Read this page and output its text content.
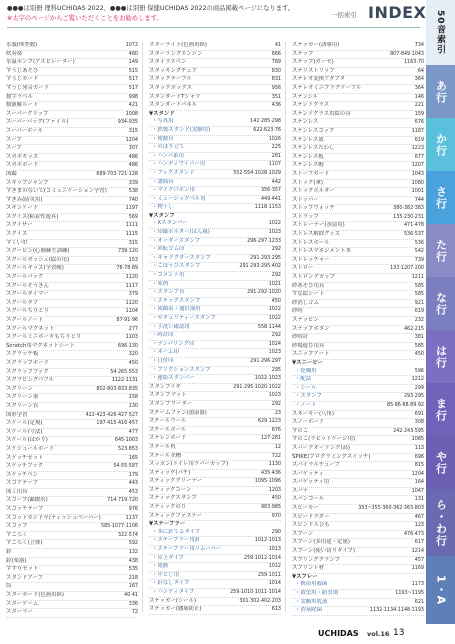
●●●は別冊 理科UCHIDAS 2022、●●●は別冊 保健UCHIDAS 2022の商品掲載ページになります。
※太字のページからご覧いただくことをお勧めします。	一括索引 INDEX
水服(体型数)	1072
吹奏楽	480
水温ポンプ(アスピレーター)	149
すうじあそび	515
すうじカード	517
すうじ発音カード	517
数字ラベル	998
数値解ルート	421
スーパーグリップ	1008
スーパーバッグ(ファイル)	934-935
スーパーボール	315
スープ	1204
スープ	307
スカボキッズ	486
スカボボード	486
図鑑	689·703·721·128
スキップジャンプ	339
すきまのないで(コミュニケーション学習)	538
すぎみ(防災用)	740
スキンケード	1197
スクイズ(粘着性遊具)	569
スクイザー	1111
スクイズ	1115
すくい巾	315
スクーピン(心肺蘇生訓練)	739·120
スクールガッシュ(絵の用)	153
スクールキッズ(学習帳)	76·78·89
スクールバッグ	1120
スクールそうきん	1117
スクールタイマー	379
スクールタフ	1120
スクールちりとり	1104
スクールノート	87·91·96
スクールマグネット	277
スクールミニホーキもちりとり	1103
Scratch用マグネットシート	696·130
スクラッチ板	320
スクラップボード	450
スクラップブック	54·265·553
スクラビングパフル	1122·1131
スクリーン	802·803·833·835
スクリーン架	158
スクリーン管	130
図形学習	422·423·426·427·527
スケール(定規)	197·415·416·457
スケール(寸法)	477
スケール(はかり)	645·1003
スケジュールボード	523·853
スケッチセット	165
スケッチブック	54·55·587
スケッチペン	179
スコアテーブ	443
図工用具	453
スコープ(顕微用)	714·719·720
スコッチテープ	976
スコットカシドヤ(ティッシュペーパー)	1137
スコップ	585·1077·1106
すごろく	322·574
すごろく(立体)	592
鈴	132
鈴(楽器)	438
すずりセット	535
スタンドアーブ	218
筒	167
スターカード(色画用紙)	40·41
スターゲーム	336
スターラー	72
スターライト(色画用紙)	41
スターリングエンジン	666
スタイラスペン	789
スタッキングチェア	830
スタックテーブル	831
スタックボックス	956
スタンダードTシャツ	351
スタンダードパネル	436
▼スタンド
・写真用	142·285·298
・鉄製スタンド(実験用)	622·623·76
・電動台	1026
・のぼり立て	225
・ハンバ系用	281
・ハンディワイパー用	1107
・ブックスタンド	552·554·1028·1029
・譜面台	442
・マイクロホン用	356·357
・ミュージックベル用	449·441
・物干し	1118·1153
▼スタンプ
・Xスタンパー	1022
・印鑑ホルダー(はん蔵)	1023
・オーダースタンプ	296·297·1233
・回転ゴム印	292
・キャラクタースタンプ	291·293·295
・ごほうびスタンプ	291·293·295·402
・コメント用	292
・朱肉	1021
・スタンプ台	291·292·1020
・ステックスタンプ	450
・成績表・通信簿用	1022
・セキュリティースタンプ	1022
・手洗い確認用	558·1144
・時計印	292
・ナンバリング印	1024
・ネーム印	1023
・日付印	291·296·297
・ブリクションスタンプ	295
・連絡スタンパー	1022·1023
スタンプイギ	291·295·1020·1022
スタンプマット	1023
スタンプワーター	292
スチームファン(加湿器)	23
スチールウール	629·1223
スチールボール	676
ステレンボード	127·281
ステール机	12
ステール水槽	722
スッポン(トイレ用ラバーカップ)	1130
スティック(バチ)	435·436
スティッククリーナー	1095·1096
スティックコーン	1203
スティックスタンプ	450
スティックのり	983·985
スティックファスナー	970
▼ステープラー
・本に針てるタイプ	290
・ステープラー用針	1012·1013
・ステープラー用リムーバー	1013
・卓上タイプ	259·1012·1014
・電動	1012
・中とじ用	259·1011
・針なしタイプ	1014
・ハンディタイプ	259·1010·1011·1014
ステッカー(シール)	301·302·402·203
ステッカー(腰痛防止)	613
ステッカー(誘導用)	734
ステップ	807·849·1043
ステップ(ガーゼ)	1163·70
ステリストリップ	64
ステレオ変換アダプタ	364
ステレオミニプラグケーブル	364
ステンシル	146
ステンドグラス	221
ステンドグラス用絵の具	159
ステンレス	676
ステンレスコップ	1187
ステンレス皿	619
ステンレスたわし	1223
ステンレス板	677
ステンレス帽	1207
ストーブガード	1043
ストック(傘)	1080
ストックホルダー	1001
ストッパー	744
ストップウォッチ	380·382·383
ストラップ	135·230·231
ストレーナー(蒸留用)	471·478
ストレス解除グッズ	536·537
ストレスボール	536
ストレスマネジメント本	542
ストレッチャー	739
ストロー	133·1207·200
ストロングカップ	1211
砂あそび用具	585
すな絵シート	585
砂消しゴム	921
砂時	619
スナッピン	232
スナップボタン	462·215
砂時計	381
砂場遊び用具	585
スニップアート	450
▼スニーピー
・乾燥用	596
・配話	1212
・シール	299
・スタンプ	293·295
・ノート	85·86·88·89·92
スネーキー(八角)	691
スノーボード	308
すのこ	242·243·595
すのこ(ラビットケージ用)	1085
スパークオーリング(高)	113
SPIKE(プログラミングスイッチ)	696
スパイラルチューブ	815
スパゲッティ	1204
スパゲッティ用	164
スパナ	1047
スパンコール	131
スピーカー	353~355·360·362·363·803
スピードラダー	467
スピンドルひも	123
スプーン	476·473
スプーン(多用途・定量)	617
スプーン(使い切りタイプ)	1214
スプリングクランプ	457
スプリント材	1169
▼スプレー
・携帯用殺菌	1173
・殺虫用・防虫剤	1193~1195
・実験用乳液	621
・消臭除菌	1132·1134·1148·1193
50音索引
あ行
か行
さ行
た行
な行
は行
ま行
や行
ら・わ行
1・A
UCHIDAS vol.16 13
